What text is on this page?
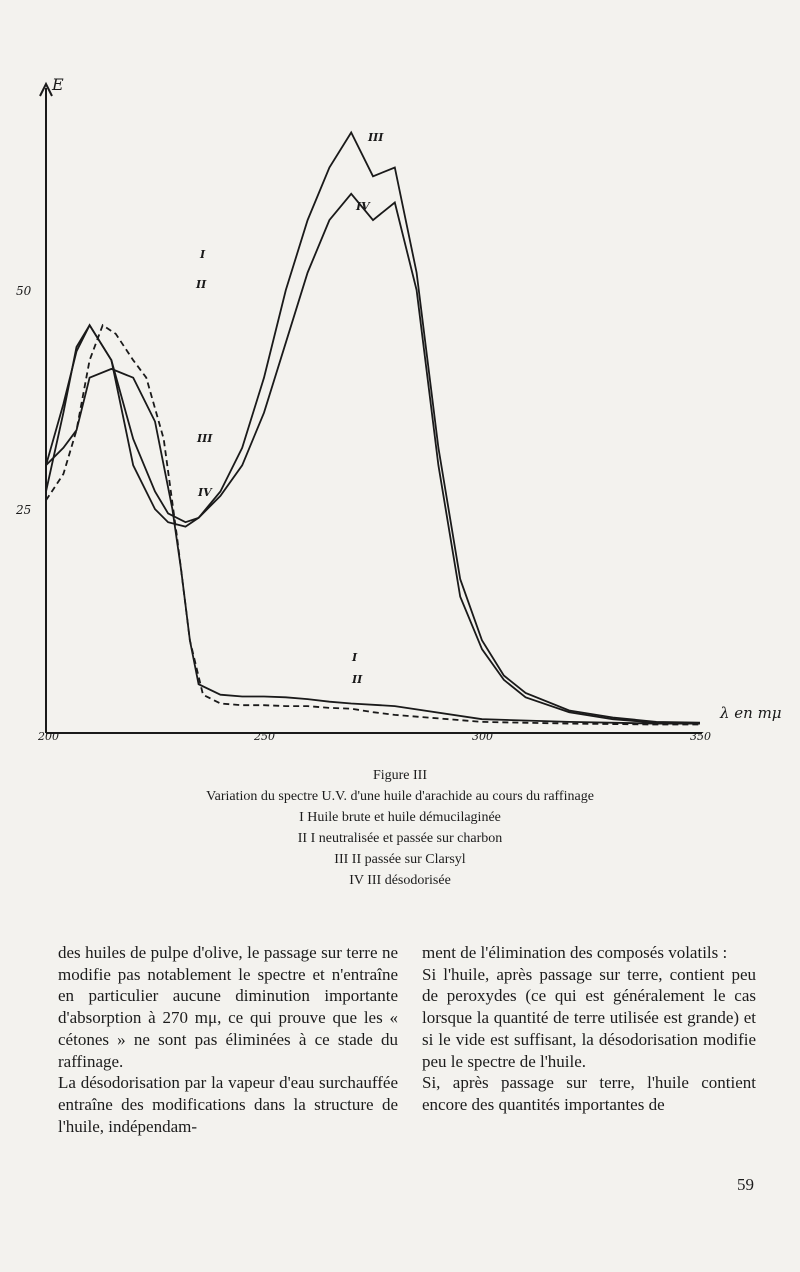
200	250	300	350
25
50
I
I
II
II
III
III
IV
IV
E
λ en mμ
Figure III
Variation du spectre U.V. d'une huile d'arachide au cours du raffinage
I Huile brute et huile démucilaginée
II I neutralisée et passée sur charbon
III II passée sur Clarsyl
IV III désodorisée

des huiles de pulpe d'olive, le passage sur terre ne modifie pas notablement le spectre et n'entraîne en particulier aucune diminution importante d'absorption à 270 mμ, ce qui prouve que les « cétones » ne sont pas éliminées à ce stade du raffinage.

La désodorisation par la vapeur d'eau surchauffée entraîne des modifications dans la structure de l'huile, indépendam-

ment de l'élimination des composés volatils :

Si l'huile, après passage sur terre, contient peu de peroxydes (ce qui est généralement le cas lorsque la quantité de terre utilisée est grande) et si le vide est suffisant, la désodorisation modifie peu le spectre de l'huile.

Si, après passage sur terre, l'huile contient encore des quantités importantes de

59
